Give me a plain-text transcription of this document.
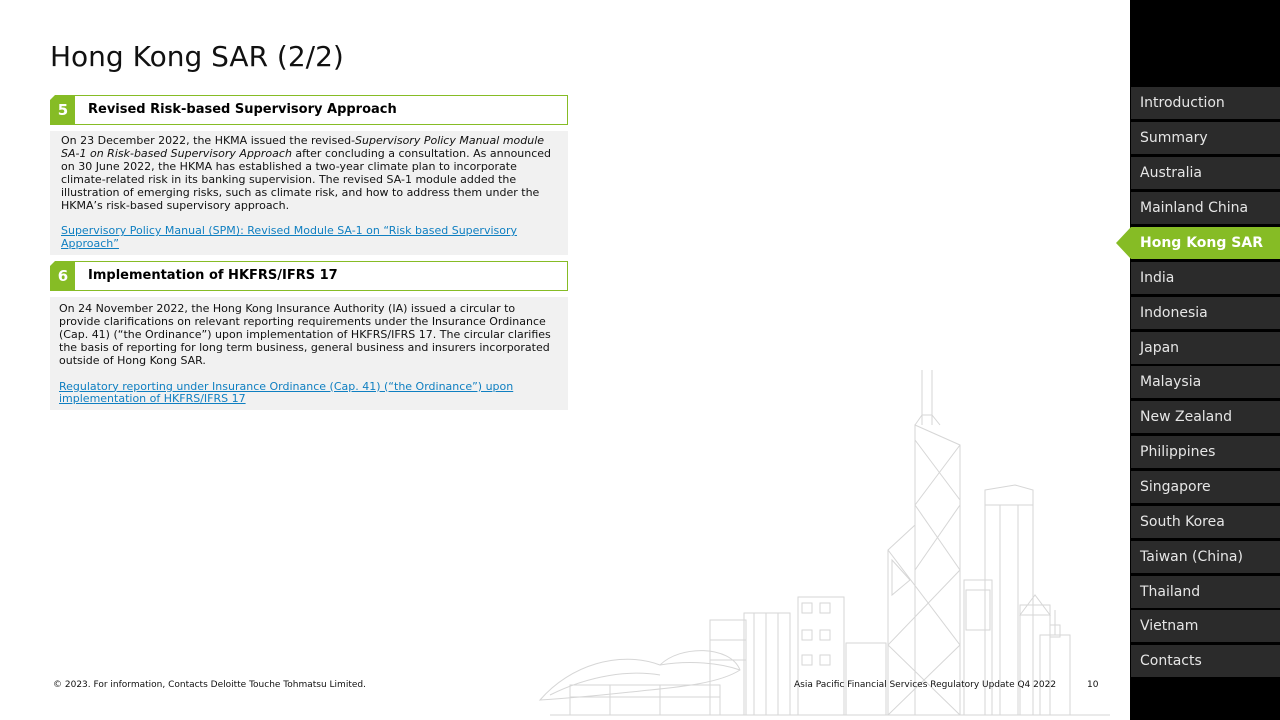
Hong Kong SAR (2/2)
5	Revised Risk-based Supervisory Approach

On 23 December 2022, the HKMA issued the revised-Supervisory Policy Manual module SA-1 on Risk-based Supervisory Approach after concluding a consultation. As announced on 30 June 2022, the HKMA has established a two-year climate plan to incorporate climate-related risk in its banking supervision. The revised SA-1 module added the illustration of emerging risks, such as climate risk, and how to address them under the HKMA’s risk-based supervisory approach.

Supervisory Policy Manual (SPM): Revised Module SA-1 on “Risk based Supervisory Approach”
6	Implementation of HKFRS/IFRS 17

On 24 November 2022, the Hong Kong Insurance Authority (IA) issued a circular to provide clarifications on relevant reporting requirements under the Insurance Ordinance (Cap. 41) (“the Ordinance”) upon implementation of HKFRS/IFRS 17. The circular clarifies the basis of reporting for long term business, general business and insurers incorporated outside of Hong Kong SAR.

Regulatory reporting under Insurance Ordinance (Cap. 41) (“the Ordinance”) upon implementation of HKFRS/IFRS 17
© 2023. For information, Contacts Deloitte Touche Tohmatsu Limited.	Asia Pacific Financial Services Regulatory Update Q4 2022	10
Introduction
Summary
Australia
Mainland China
Hong Kong SAR
India
Indonesia
Japan
Malaysia
New Zealand
Philippines
Singapore
South Korea
Taiwan (China)
Thailand
Vietnam
Contacts
